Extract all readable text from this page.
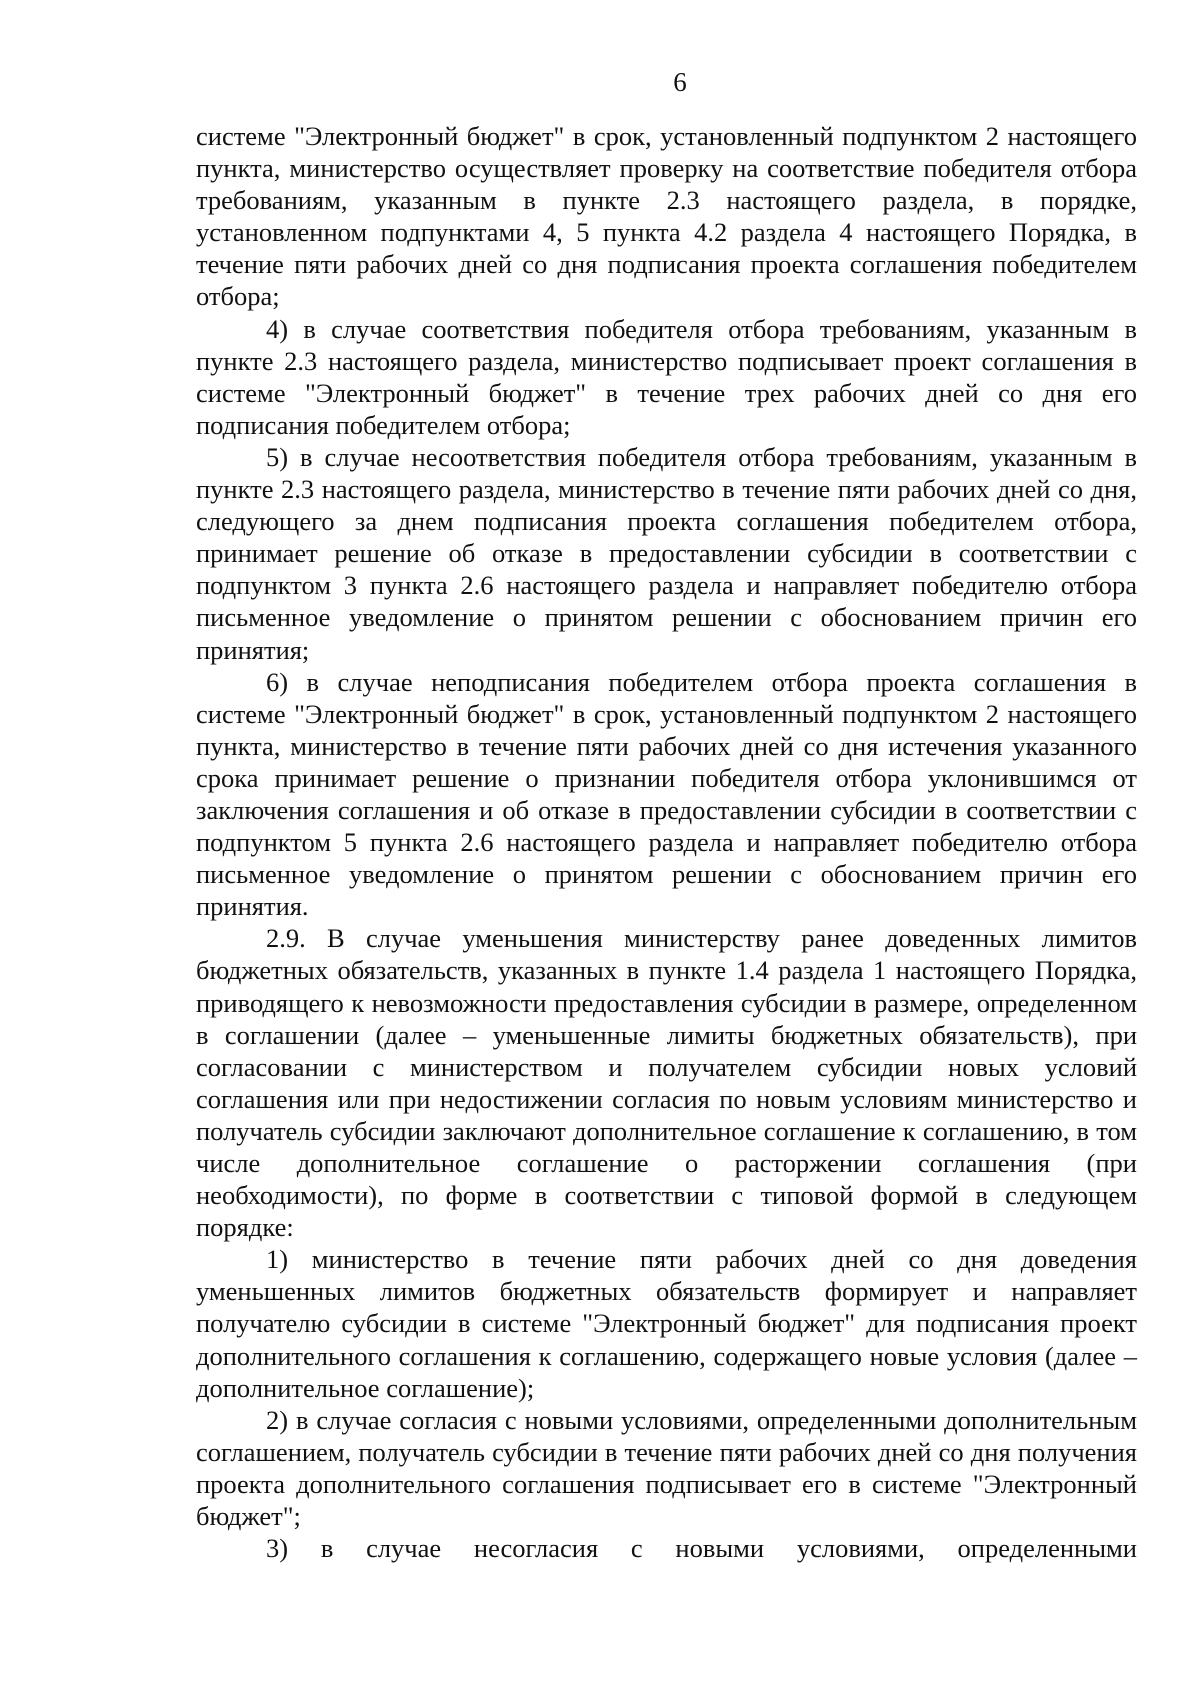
6

системе "Электронный бюджет" в срок, установленный подпунктом 2 настоящего пункта, министерство осуществляет проверку на соответствие победителя отбора требованиям, указанным в пункте 2.3 настоящего раздела, в порядке, установленном подпунктами 4, 5 пункта 4.2 раздела 4 настоящего Порядка, в течение пяти рабочих дней со дня подписания проекта соглашения победителем отбора;

4) в случае соответствия победителя отбора требованиям, указанным в пункте 2.3 настоящего раздела, министерство подписывает проект соглашения в системе "Электронный бюджет" в течение трех рабочих дней со дня его подписания победителем отбора;

5) в случае несоответствия победителя отбора требованиям, указанным в пункте 2.3 настоящего раздела, министерство в течение пяти рабочих дней со дня, следующего за днем подписания проекта соглашения победителем отбора, принимает решение об отказе в предоставлении субсидии в соответствии с подпунктом 3 пункта 2.6 настоящего раздела и направляет победителю отбора письменное уведомление о принятом решении с обоснованием причин его принятия;

6) в случае неподписания победителем отбора проекта соглашения в системе "Электронный бюджет" в срок, установленный подпунктом 2 настоящего пункта, министерство в течение пяти рабочих дней со дня истечения указанного срока принимает решение о признании победителя отбора уклонившимся от заключения соглашения и об отказе в предоставлении субсидии в соответствии с подпунктом 5 пункта 2.6 настоящего раздела и направляет победителю отбора письменное уведомление о принятом решении с обоснованием причин его принятия.

2.9. В случае уменьшения министерству ранее доведенных лимитов бюджетных обязательств, указанных в пункте 1.4 раздела 1 настоящего Порядка, приводящего к невозможности предоставления субсидии в размере, определенном в соглашении (далее – уменьшенные лимиты бюджетных обязательств), при согласовании с министерством и получателем субсидии новых условий соглашения или при недостижении согласия по новым условиям министерство и получатель субсидии заключают дополнительное соглашение к соглашению, в том числе дополнительное соглашение о расторжении соглашения (при необходимости), по форме в соответствии с типовой формой в следующем порядке:

1) министерство в течение пяти рабочих дней со дня доведения уменьшенных лимитов бюджетных обязательств формирует и направляет получателю субсидии в системе "Электронный бюджет" для подписания проект дополнительного соглашения к соглашению, содержащего новые условия (далее – дополнительное соглашение);

2) в случае согласия с новыми условиями, определенными дополнительным соглашением, получатель субсидии в течение пяти рабочих дней со дня получения проекта дополнительного соглашения подписывает его в системе "Электронный бюджет";

3) в случае несогласия с новыми условиями, определенными
